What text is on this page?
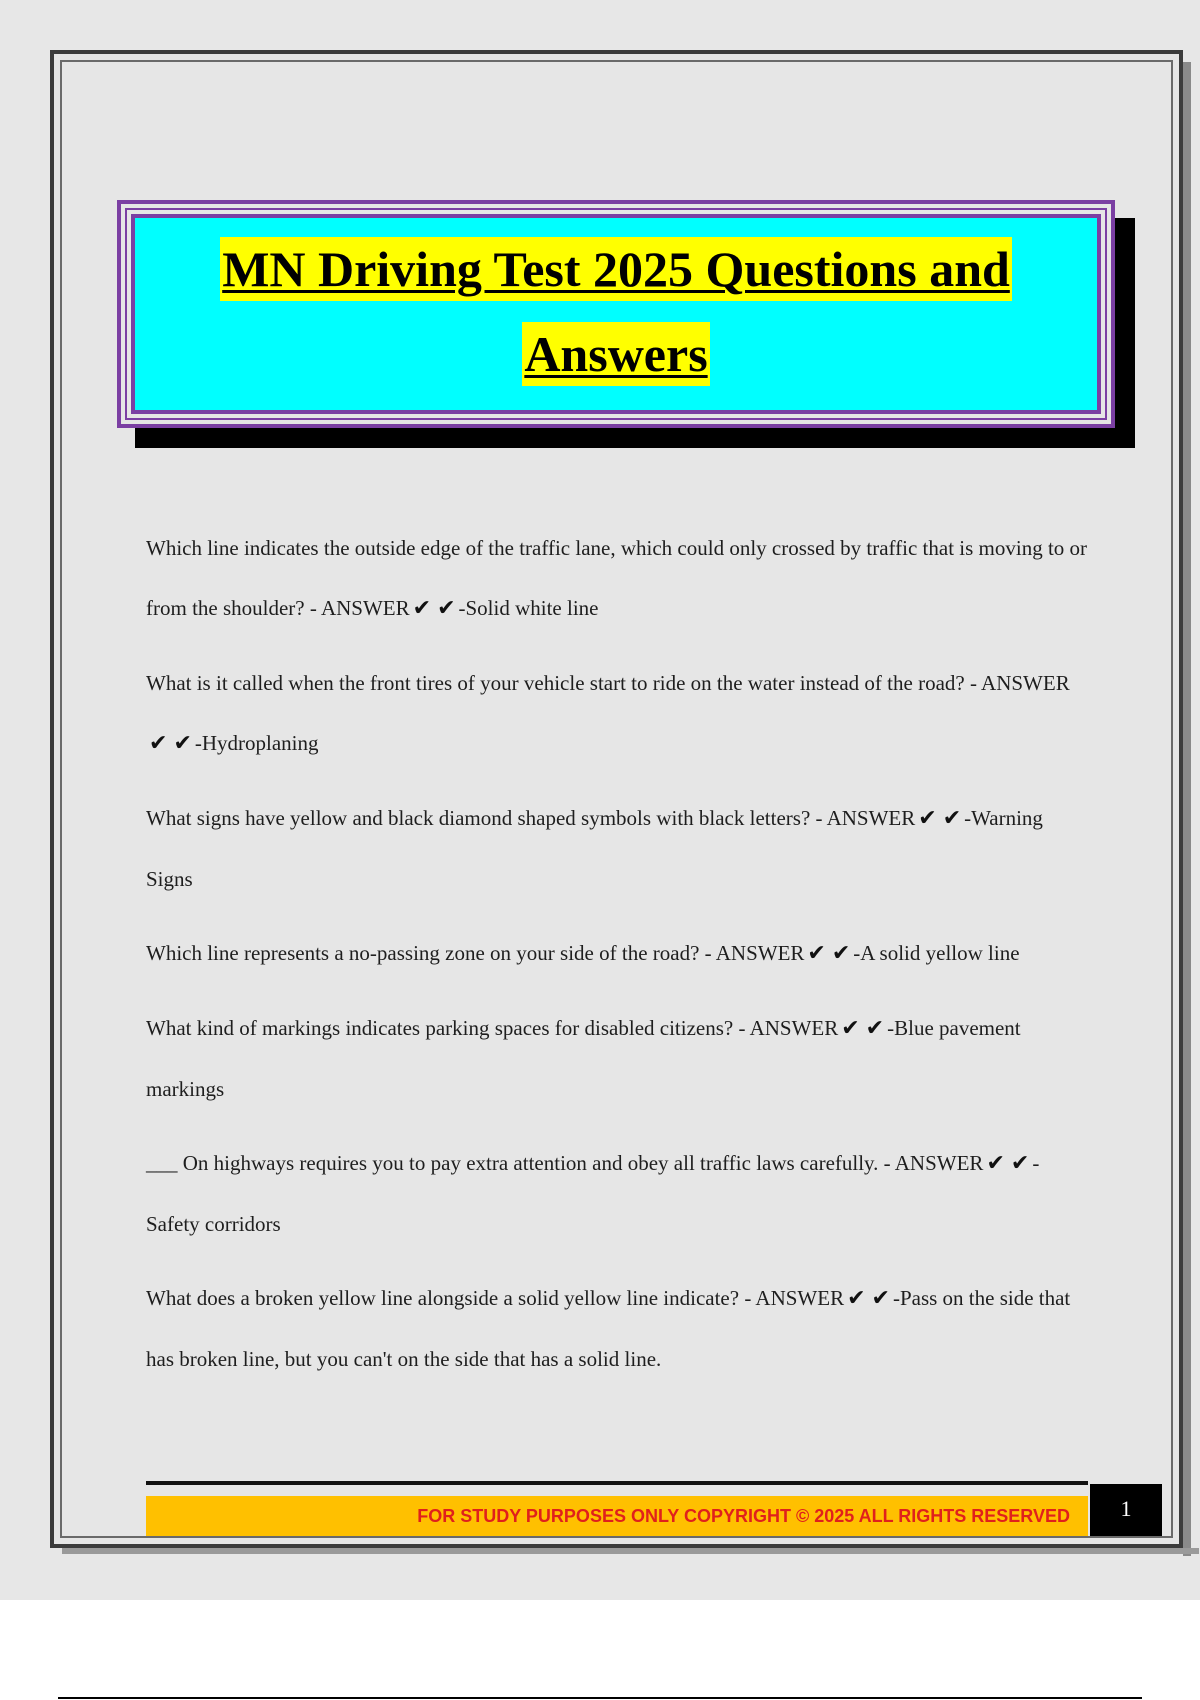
MN Driving Test 2025 Questions and
Answers

Which line indicates the outside edge of the traffic lane, which could only crossed by traffic that is moving to or from the shoulder? - ANSWER ✔ ✔ -Solid white line

What is it called when the front tires of your vehicle start to ride on the water instead of the road? - ANSWER✔ ✔ -Hydroplaning

What signs have yellow and black diamond shaped symbols with black letters? - ANSWER ✔ ✔ -Warning Signs

Which line represents a no-passing zone on your side of the road? - ANSWER ✔ ✔ -A solid yellow line

What kind of markings indicates parking spaces for disabled citizens? - ANSWER ✔ ✔ -Blue pavement markings

___ On highways requires you to pay extra attention and obey all traffic laws carefully. - ANSWER ✔ ✔ -Safety corridors

What does a broken yellow line alongside a solid yellow line indicate? - ANSWER ✔ ✔ -Pass on the side that has broken line, but you can't on the side that has a solid line.

FOR STUDY PURPOSES ONLY COPYRIGHT © 2025 ALL RIGHTS RESERVED	1
